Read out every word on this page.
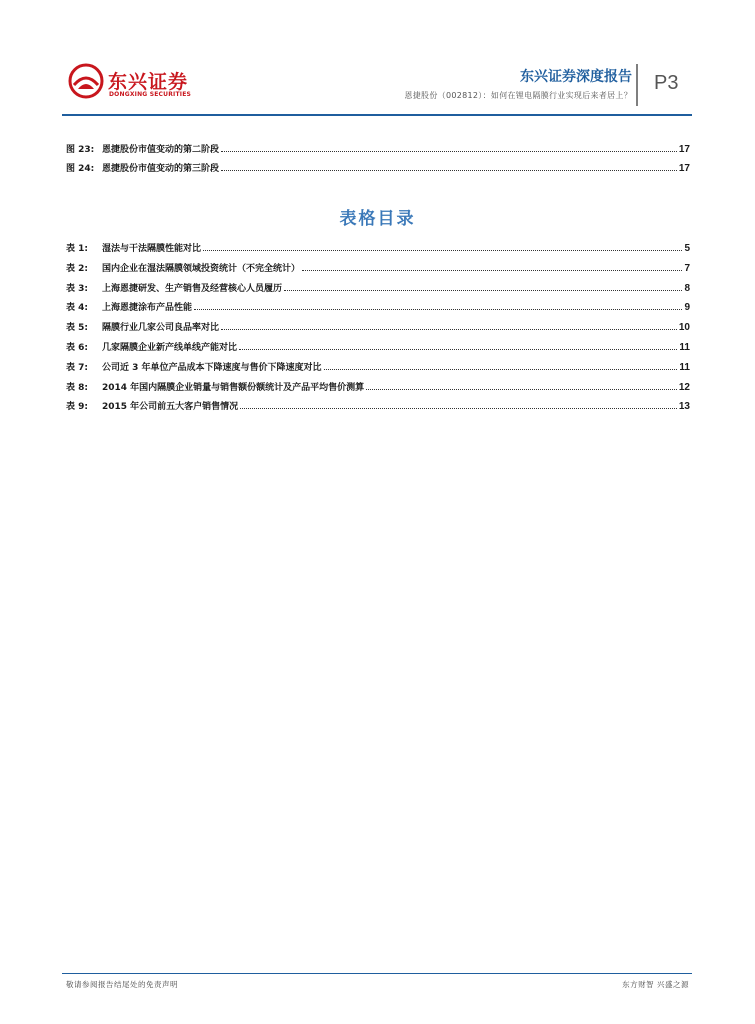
东兴证券
DONGXING SECURITIES
东兴证券深度报告
恩捷股份（002812）：如何在锂电隔膜行业实现后来者居上？
P3
图 23: 恩捷股份市值变动的第二阶段	17
图 24: 恩捷股份市值变动的第三阶段	17
表格目录
表 1:	湿法与干法隔膜性能对比	5
表 2:	国内企业在湿法隔膜领域投资统计（不完全统计）	7
表 3:	上海恩捷研发、生产销售及经营核心人员履历	8
表 4:	上海恩捷涂布产品性能	9
表 5:	隔膜行业几家公司良品率对比	10
表 6:	几家隔膜企业新产线单线产能对比	11
表 7:	公司近 3 年单位产品成本下降速度与售价下降速度对比	11
表 8:	2014 年国内隔膜企业销量与销售额份额统计及产品平均售价测算	12
表 9:	2015 年公司前五大客户销售情况	13
敬请参阅报告结尾处的免责声明	东方财智 兴盛之源
